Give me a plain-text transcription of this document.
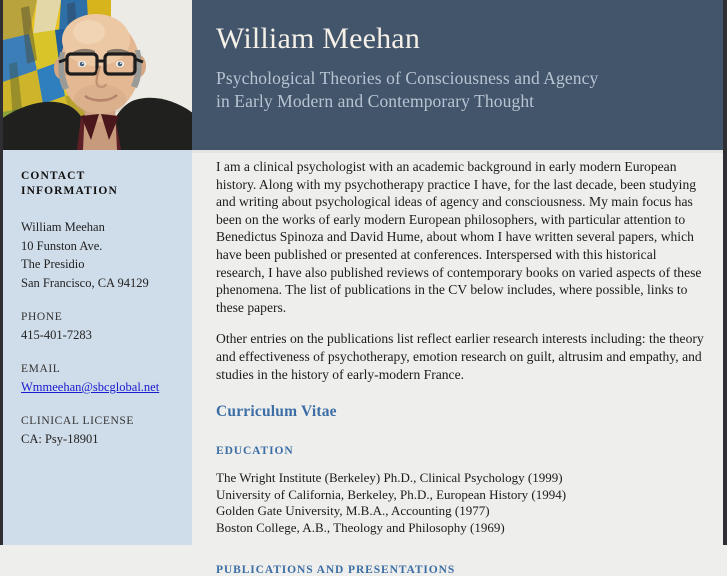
William Meehan
Psychological Theories of Consciousness and Agency
in Early Modern and Contemporary Thought
CONTACT
INFORMATION
William Meehan
10 Funston Ave.
The Presidio
San Francisco, CA 94129
PHONE
415-401-7283
EMAIL
Wmmeehan@sbcglobal.net
CLINICAL LICENSE
CA: Psy-18901

I am a clinical psychologist with an academic background in early modern European history. Along with my psychotherapy practice I have, for the last decade, been studying and writing about psychological ideas of agency and consciousness. My main focus has been on the works of early modern European philosophers, with particular attention to Benedictus Spinoza and David Hume, about whom I have written several papers, which have been published or presented at conferences. Interspersed with this historical research, I have also published reviews of contemporary books on varied aspects of these phenomena. The list of publications in the CV below includes, where possible, links to these papers.

Other entries on the publications list reflect earlier research interests including: the theory and effectiveness of psychotherapy, emotion research on guilt, altrusim and empathy, and studies in the history of early-modern France.

Curriculum Vitae
EDUCATION
The Wright Institute (Berkeley) Ph.D., Clinical Psychology (1999)
University of California, Berkeley, Ph.D., European History (1994)
Golden Gate University, M.B.A., Accounting (1977)
Boston College, A.B., Theology and Philosophy (1969)
PUBLICATIONS AND PRESENTATIONS
